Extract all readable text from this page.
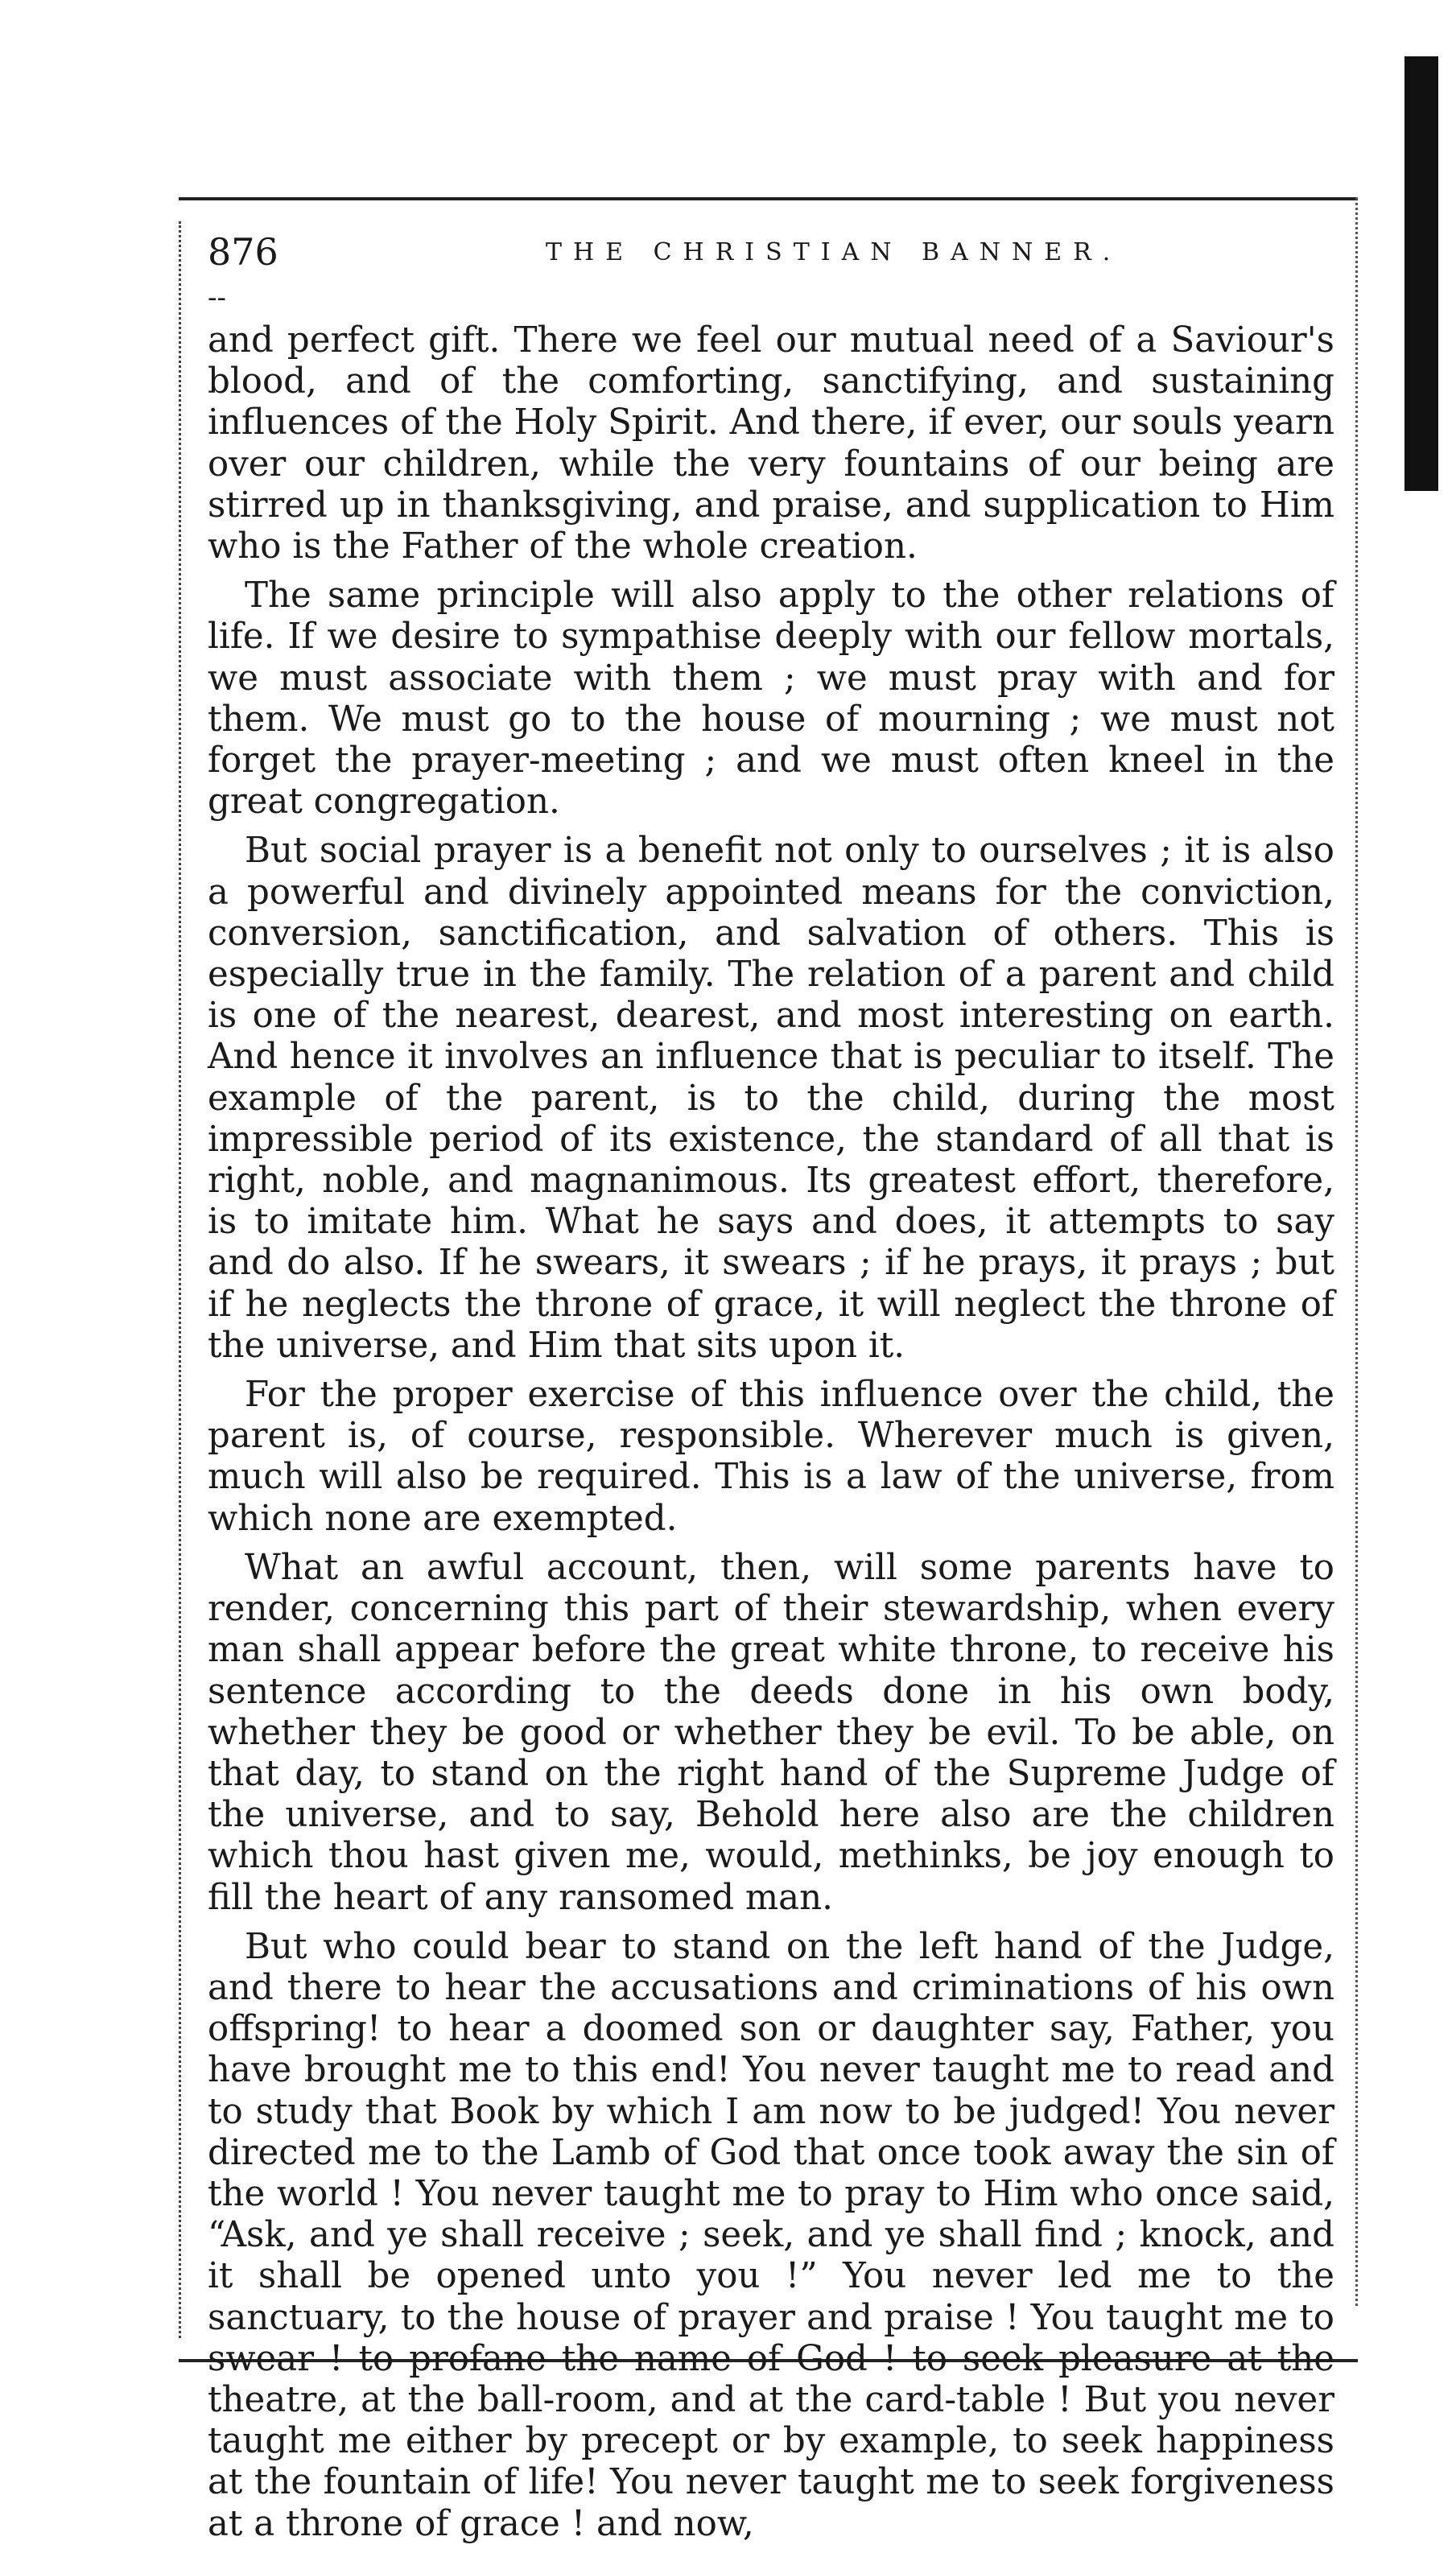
876	THE CHRISTIAN BANNER.
--

and perfect gift. There we feel our mutual need of a Saviour's blood, and of the comforting, sanctifying, and sustaining influences of the Holy Spirit. And there, if ever, our souls yearn over our children, while the very fountains of our being are stirred up in thanksgiving, and praise, and supplication to Him who is the Father of the whole creation.

The same principle will also apply to the other relations of life. If we desire to sympathise deeply with our fellow mortals, we must associate with them ; we must pray with and for them. We must go to the house of mourning ; we must not forget the prayer-meeting ; and we must often kneel in the great congregation.

But social prayer is a benefit not only to ourselves ; it is also a powerful and divinely appointed means for the conviction, conversion, sanctification, and salvation of others. This is especially true in the family. The relation of a parent and child is one of the nearest, dearest, and most interesting on earth. And hence it involves an influence that is peculiar to itself. The example of the parent, is to the child, during the most impressible period of its existence, the standard of all that is right, noble, and magnanimous. Its greatest effort, therefore, is to imitate him. What he says and does, it attempts to say and do also. If he swears, it swears ; if he prays, it prays ; but if he neglects the throne of grace, it will neglect the throne of the universe, and Him that sits upon it.

For the proper exercise of this influence over the child, the parent is, of course, responsible. Wherever much is given, much will also be required. This is a law of the universe, from which none are exempted.

What an awful account, then, will some parents have to render, concerning this part of their stewardship, when every man shall appear before the great white throne, to receive his sentence according to the deeds done in his own body, whether they be good or whether they be evil. To be able, on that day, to stand on the right hand of the Supreme Judge of the universe, and to say, Behold here also are the children which thou hast given me, would, methinks, be joy enough to fill the heart of any ransomed man.

But who could bear to stand on the left hand of the Judge, and there to hear the accusations and criminations of his own offspring! to hear a doomed son or daughter say, Father, you have brought me to this end! You never taught me to read and to study that Book by which I am now to be judged! You never directed me to the Lamb of God that once took away the sin of the world ! You never taught me to pray to Him who once said, “Ask, and ye shall receive ; seek, and ye shall find ; knock, and it shall be opened unto you !” You never led me to the sanctuary, to the house of prayer and praise ! You taught me to swear ! to profane the name of God ! to seek pleasure at the theatre, at the ball-room, and at the card-table ! But you never taught me either by precept or by example, to seek happiness at the fountain of life! You never taught me to seek forgiveness at a throne of grace ! and now,
